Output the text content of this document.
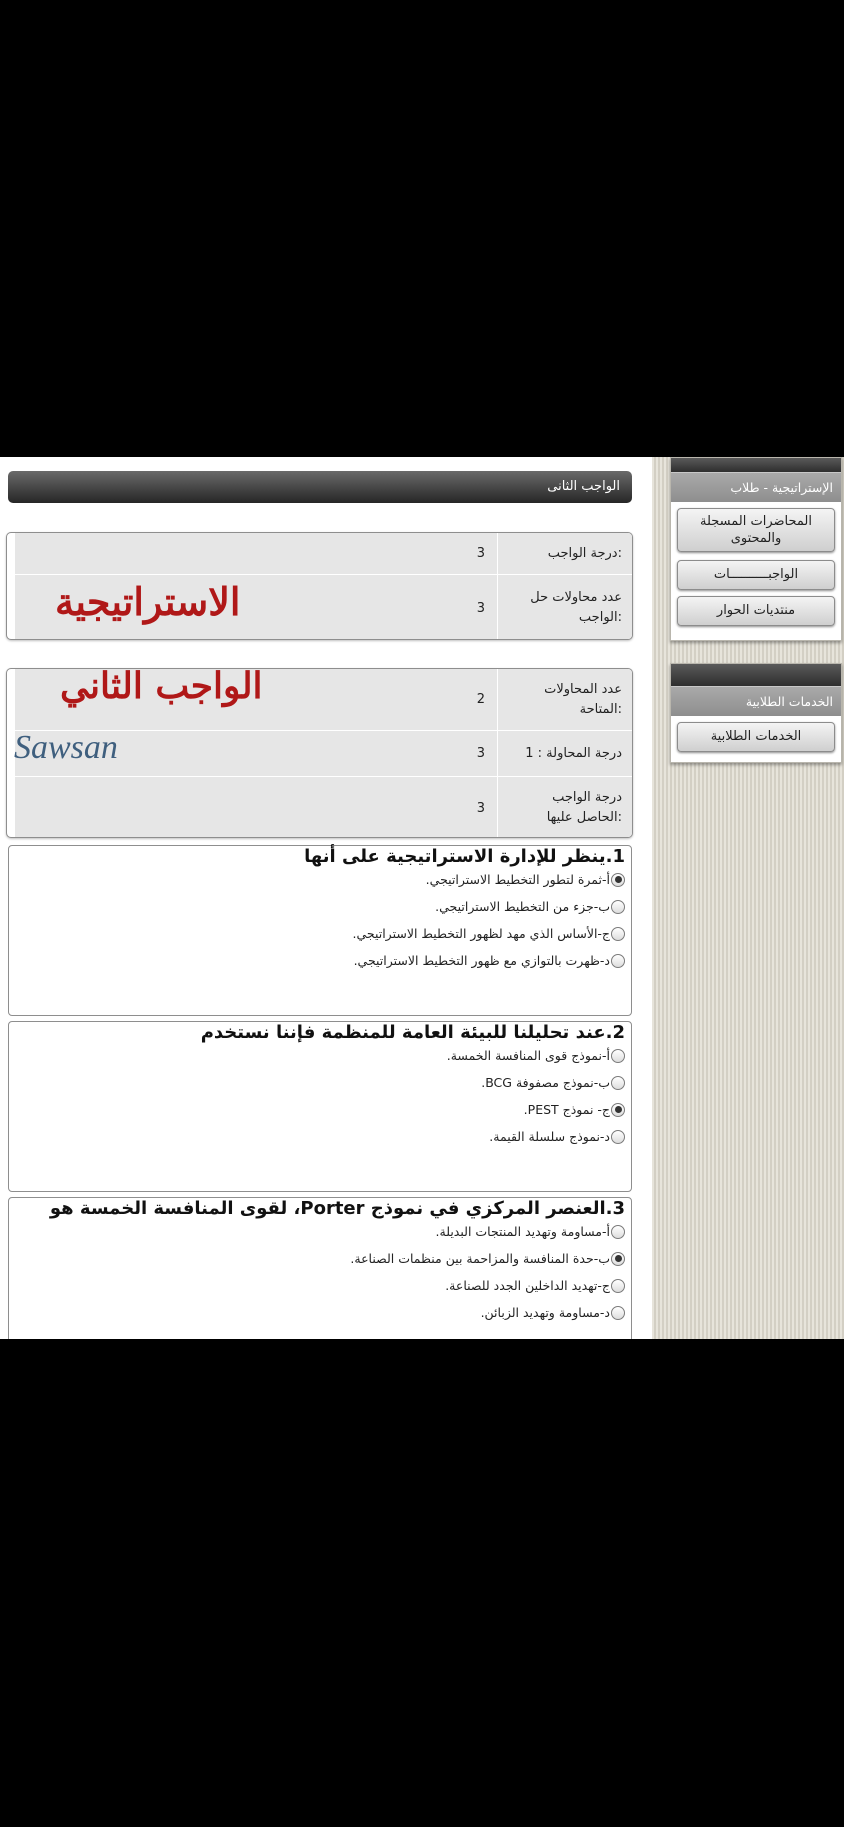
الإستراتيجية - طلاب
المحاضرات المسجلة والمحتوى
الواجبــــــــــات
منتديات الحوار
الخدمات الطلابية
الخدمات الطلابية
الواجب الثانى
3	درجة الواجب:
3
عدد محاولات حل الواجب:
2
عدد المحاولات المتاحة:
3	درجة المحاولة : 1
3
درجة الواجب الحاصل عليها:
الاستراتيجية
الواجب الثاني
Sawsan
1.ينظر للإدارة الاستراتيجية على أنها
أ-ثمرة لتطور التخطيط الاستراتيجي.
ب-جزء من التخطيط الاستراتيجي.
ج-الأساس الذي مهد لظهور التخطيط الاستراتيجي.
د-ظهرت بالتوازي مع ظهور التخطيط الاستراتيجي.
2.عند تحليلنا للبيئة العامة للمنظمة فإننا نستخدم
أ-نموذج قوى المنافسة الخمسة.
ب-نموذج مصفوفة BCG.
ج- نموذج PEST.
د-نموذج سلسلة القيمة.
3.العنصر المركزي في نموذج Porter، لقوى المنافسة الخمسة هو
أ-مساومة وتهديد المنتجات البديلة.
ب-حدة المنافسة والمزاحمة بين منظمات الصناعة.
ج-تهديد الداخلين الجدد للصناعة.
د-مساومة وتهديد الزبائن.
